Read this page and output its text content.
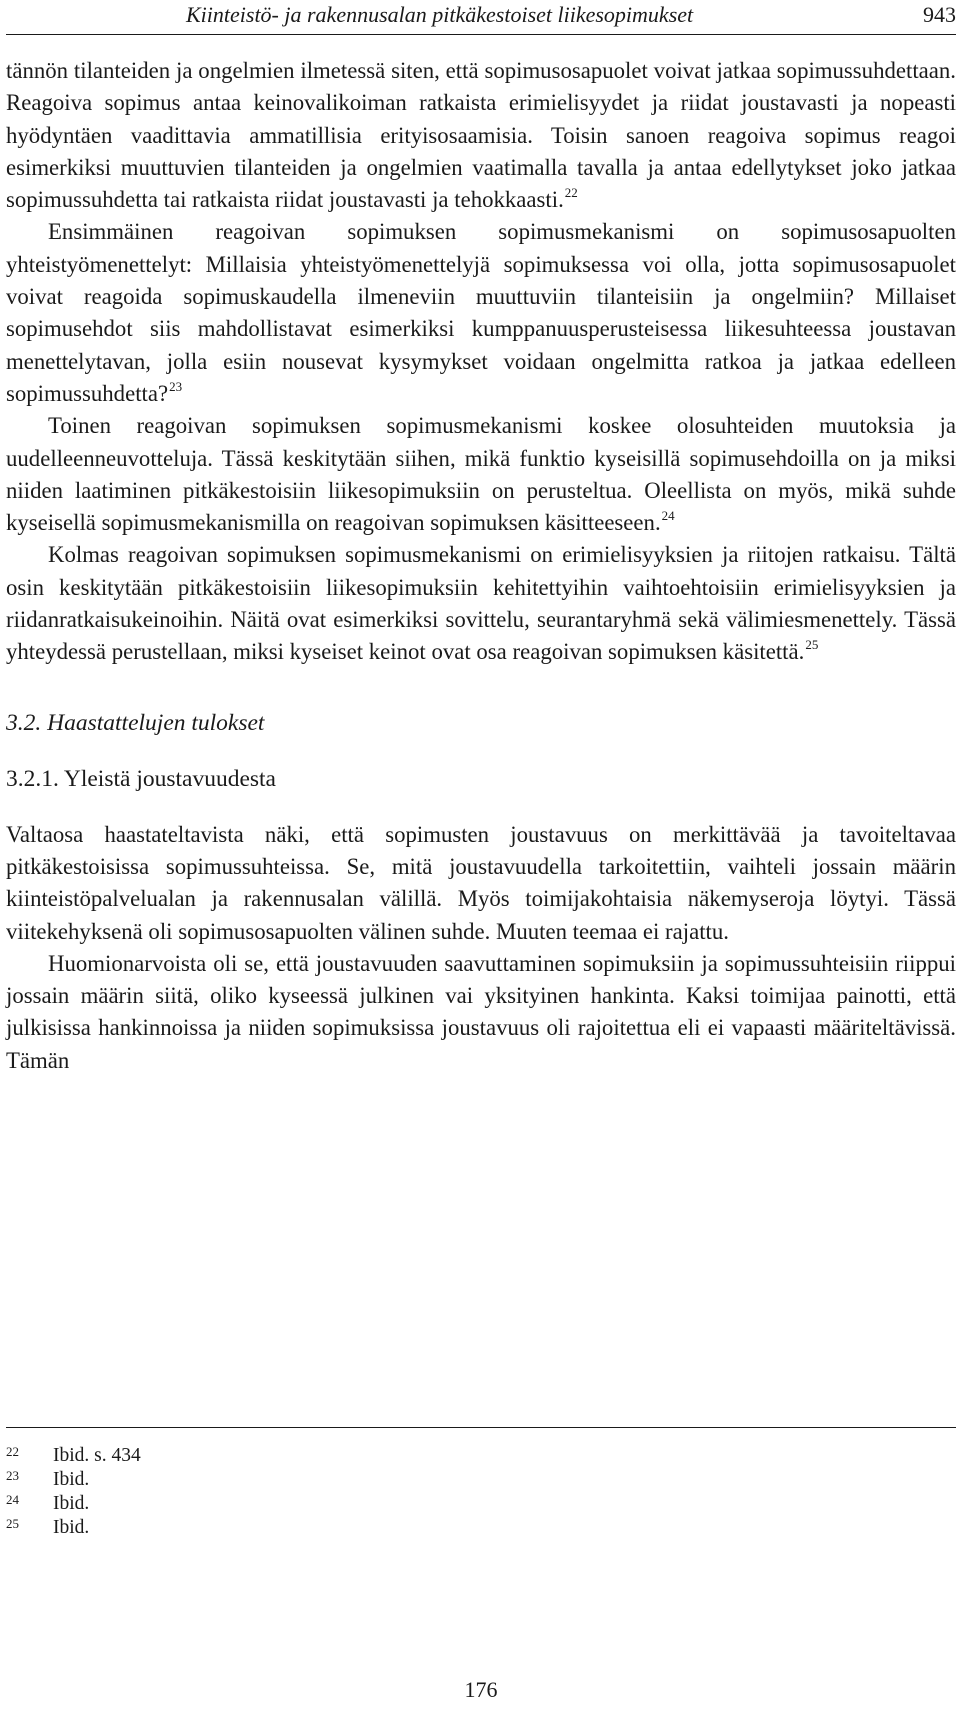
Kiinteistö- ja rakennusalan pitkäkestoiset liikesopimukset	943

tännön tilanteiden ja ongelmien ilmetessä siten, että sopimusosapuolet voivat jatkaa sopimussuhdettaan. Reagoiva sopimus antaa keinovalikoiman ratkaista erimielisyydet ja riidat joustavasti ja nopeasti hyödyntäen vaadittavia ammatillisia erityisosaamisia. Toisin sanoen reagoiva sopimus reagoi esimerkiksi muuttuvien tilanteiden ja ongelmien vaatimalla tavalla ja antaa edellytykset joko jatkaa sopimussuhdetta tai ratkaista riidat joustavasti ja tehokkaasti.$^{22}$

Ensimmäinen reagoivan sopimuksen sopimusmekanismi on sopimusosapuolten yhteistyömenettelyt: Millaisia yhteistyömenettelyjä sopimuksessa voi olla, jotta sopimusosapuolet voivat reagoida sopimuskaudella ilmeneviin muuttuviin tilanteisiin ja ongelmiin? Millaiset sopimusehdot siis mahdollistavat esimerkiksi kumppanuusperusteisessa liikesuhteessa joustavan menettelytavan, jolla esiin nousevat kysymykset voidaan ongelmitta ratkoa ja jatkaa edelleen sopimussuhdetta?$^{23}$

Toinen reagoivan sopimuksen sopimusmekanismi koskee olosuhteiden muutoksia ja uudelleenneuvotteluja. Tässä keskitytään siihen, mikä funktio kyseisillä sopimusehdoilla on ja miksi niiden laatiminen pitkäkestoisiin liikesopimuksiin on perusteltua. Oleellista on myös, mikä suhde kyseisellä sopimusmekanismilla on reagoivan sopimuksen käsitteeseen.$^{24}$

Kolmas reagoivan sopimuksen sopimusmekanismi on erimielisyyksien ja riitojen ratkaisu. Tältä osin keskitytään pitkäkestoisiin liikesopimuksiin kehitettyihin vaihtoehtoisiin erimielisyyksien ja riidanratkaisukeinoihin. Näitä ovat esimerkiksi sovittelu, seurantaryhmä sekä välimiesmenettely. Tässä yhteydessä perustellaan, miksi kyseiset keinot ovat osa reagoivan sopimuksen käsitettä.$^{25}$

3.2. Haastattelujen tulokset
3.2.1. Yleistä joustavuudesta

Valtaosa haastateltavista näki, että sopimusten joustavuus on merkittävää ja tavoiteltavaa pitkäkestoisissa sopimussuhteissa. Se, mitä joustavuudella tarkoitettiin, vaihteli jossain määrin kiinteistöpalvelualan ja rakennusalan välillä. Myös toimijakohtaisia näkemyseroja löytyi. Tässä viitekehyksenä oli sopimusosapuolten välinen suhde. Muuten teemaa ei rajattu.

Huomionarvoista oli se, että joustavuuden saavuttaminen sopimuksiin ja sopimussuhteisiin riippui jossain määrin siitä, oliko kyseessä julkinen vai yksityinen hankinta. Kaksi toimijaa painotti, että julkisissa hankinnoissa ja niiden sopimuksissa joustavuus oli rajoitettua eli ei vapaasti määriteltävissä. Tämän

22 Ibid. s. 434
23 Ibid.
24 Ibid.
25 Ibid.
176
